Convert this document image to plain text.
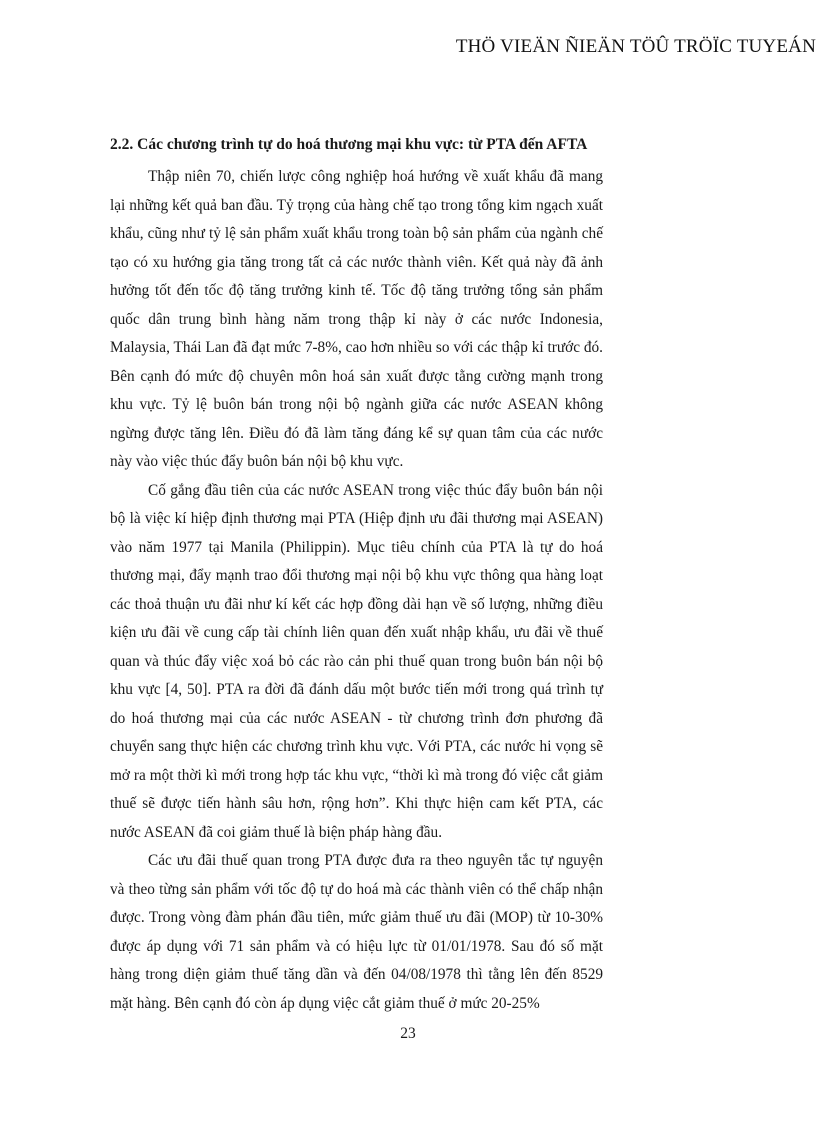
THÖ VIEÄN ÑIEÄN TÖÛ TRÖÏC TUYEÁN
2.2. Các chương trình tự do hoá thương mại khu vực: từ PTA đến AFTA

Thập niên 70, chiến lược công nghiệp hoá hướng về xuất khẩu đã mang lại những kết quả ban đầu. Tỷ trọng của hàng chế tạo trong tổng kim ngạch xuất khẩu, cũng như tỷ lệ sản phẩm xuất khẩu trong toàn bộ sản phẩm của ngành chế tạo có xu hướng gia tăng trong tất cả các nước thành viên. Kết quả này đã ảnh hưởng tốt đến tốc độ tăng trưởng kinh tế. Tốc độ tăng trưởng tổng sản phẩm quốc dân trung bình hàng năm trong thập kỉ này ở các nước Indonesia, Malaysia, Thái Lan đã đạt mức 7-8%, cao hơn nhiều so với các thập kỉ trước đó. Bên cạnh đó mức độ chuyên môn hoá sản xuất được tằng cường mạnh trong khu vực. Tỷ lệ buôn bán trong nội bộ ngành giữa các nước ASEAN không ngừng được tăng lên. Điều đó đã làm tăng đáng kể sự quan tâm của các nước này vào việc thúc đẩy buôn bán nội bộ khu vực.

Cố gắng đầu tiên của các nước ASEAN trong việc thúc đẩy buôn bán nội bộ là việc kí hiệp định thương mại PTA (Hiệp định ưu đãi thương mại ASEAN) vào năm 1977 tại Manila (Philippin). Mục tiêu chính của PTA là tự do hoá thương mại, đẩy mạnh trao đổi thương mại nội bộ khu vực thông qua hàng loạt các thoả thuận ưu đãi như kí kết các hợp đồng dài hạn về số lượng, những điều kiện ưu đãi về cung cấp tài chính liên quan đến xuất nhập khẩu, ưu đãi về thuế quan và thúc đẩy việc xoá bỏ các rào cản phi thuế quan trong buôn bán nội bộ khu vực [4, 50]. PTA ra đời đã đánh dấu một bước tiến mới trong quá trình tự do hoá thương mại của các nước ASEAN - từ chương trình đơn phương đã chuyển sang thực hiện các chương trình khu vực. Với PTA, các nước hi vọng sẽ mở ra một thời kì mới trong hợp tác khu vực, “thời kì mà trong đó việc cắt giảm thuế sẽ được tiến hành sâu hơn, rộng hơn”. Khi thực hiện cam kết PTA, các nước ASEAN đã coi giảm thuế là biện pháp hàng đầu.

Các ưu đãi thuế quan trong PTA được đưa ra theo nguyên tắc tự nguyện và theo từng sản phẩm với tốc độ tự do hoá mà các thành viên có thể chấp nhận được. Trong vòng đàm phán đầu tiên, mức giảm thuế ưu đãi (MOP) từ 10-30% được áp dụng với 71 sản phẩm và có hiệu lực từ 01/01/1978. Sau đó số mặt hàng trong diện giảm thuế tăng dần và đến 04/08/1978 thì tằng lên đến 8529 mặt hàng. Bên cạnh đó còn áp dụng việc cắt giảm thuế ở mức 20-25%

23
